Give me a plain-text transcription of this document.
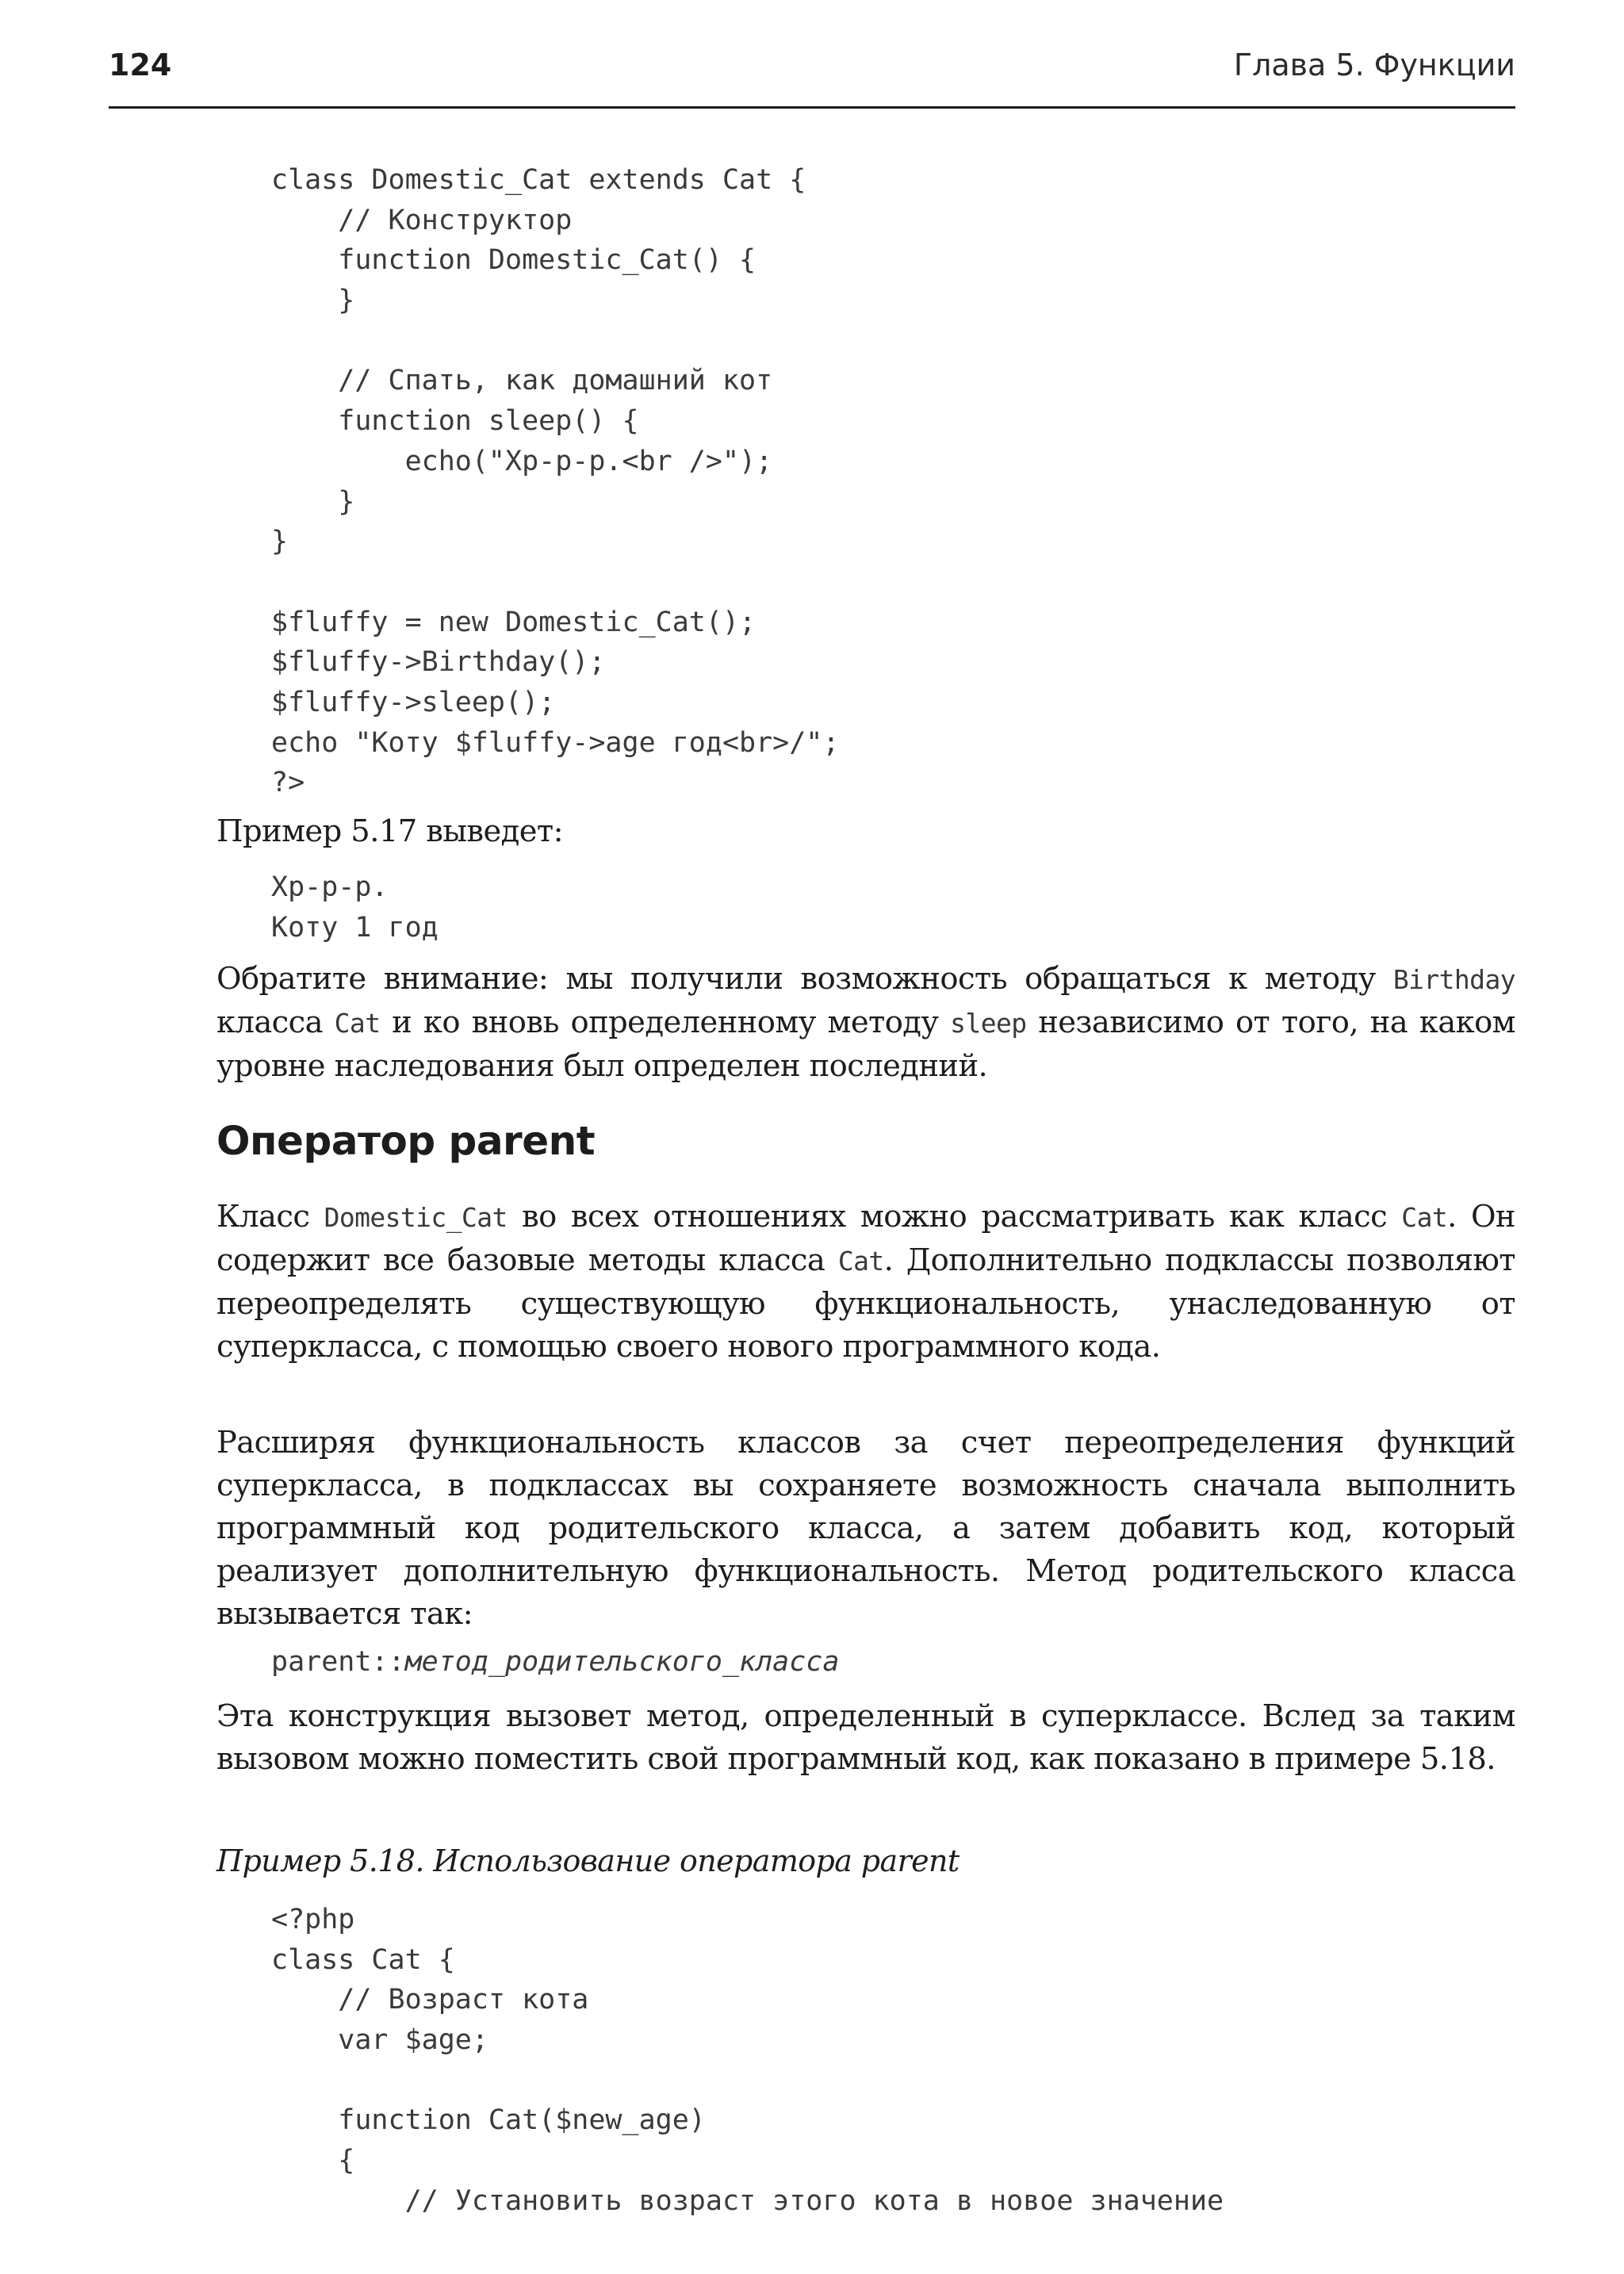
124	Глава 5. Функции
class Domestic_Cat extends Cat {
// Конструктор
function Domestic_Cat() {
}
// Спать, как домашний кот
function sleep() {
echo("Хр-р-р.<br />");
}
}
$fluffy = new Domestic_Cat();
$fluffy->Birthday();
$fluffy->sleep();
echo "Коту $fluffy->age год<br>/";
?>
Пример 5.17 выведет:
Хр-р-р.
Коту 1 год
Обратите внимание: мы получили возможность обращаться к методу Birthday класса Cat и ко вновь определенному методу sleep независимо от того, на каком уровне наследования был определен последний.
Оператор parent
Класс Domestic_Cat во всех отношениях можно рассматривать как класс Cat. Он содержит все базовые методы класса Cat. Дополнительно подклассы позволяют переопределять существующую функциональность, унаследованную от суперкласса, с помощью своего нового программного кода.
Расширяя функциональность классов за счет переопределения функций суперкласса, в подклассах вы сохраняете возможность сначала выполнить программный код родительского класса, а затем добавить код, который реализует дополнительную функциональность. Метод родительского класса вызывается так:
parent::метод_родительского_класса
Эта конструкция вызовет метод, определенный в суперклассе. Вслед за таким вызовом можно поместить свой программный код, как показано в примере 5.18.
Пример 5.18. Использование оператора parent
<?php
class Cat {
// Возраст кота
var $age;
function Cat($new_age)
{
// Установить возраст этого кота в новое значение
